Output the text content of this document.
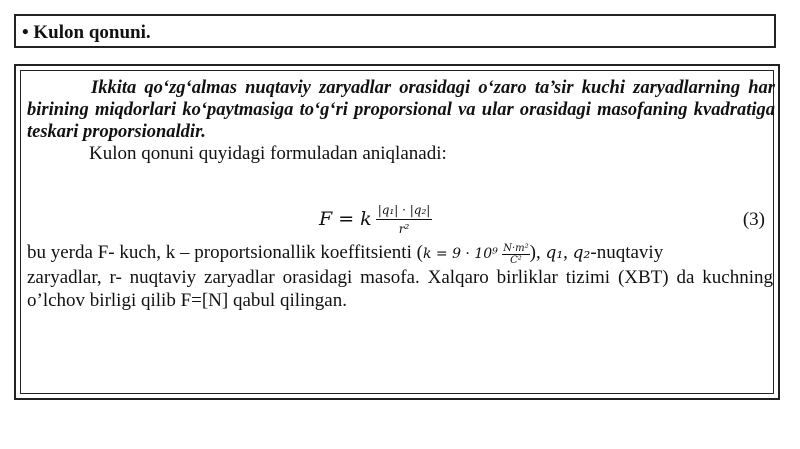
• Kulon qonuni.

Ikkita qo‘zg‘almas nuqtaviy zaryadlar orasidagi o‘zaro ta’sir kuchi zaryadlarning har birining miqdorlari ko‘paytmasiga to‘g‘ri proporsional va ular orasidagi masofaning kvadratiga teskari proporsionaldir.

Kulon qonuni quyidagi formuladan aniqlanadi:
F = k $\frac{\text{|q₁| · |q₂|}}{\text{r²}}$	(3)
bu yerda F- kuch, k – proportsionallik koeffitsienti ($k = 9 \cdot 10^9 \frac{\text{N·m²}}{\text{C²}}$ ), q₁, q₂-nuqtaviy
zaryadlar, r- nuqtaviy zaryadlar orasidagi masofa. Xalqaro birliklar tizimi (XBT) da kuchning
o’lchov birligi qilib F=[N] qabul qilingan.
